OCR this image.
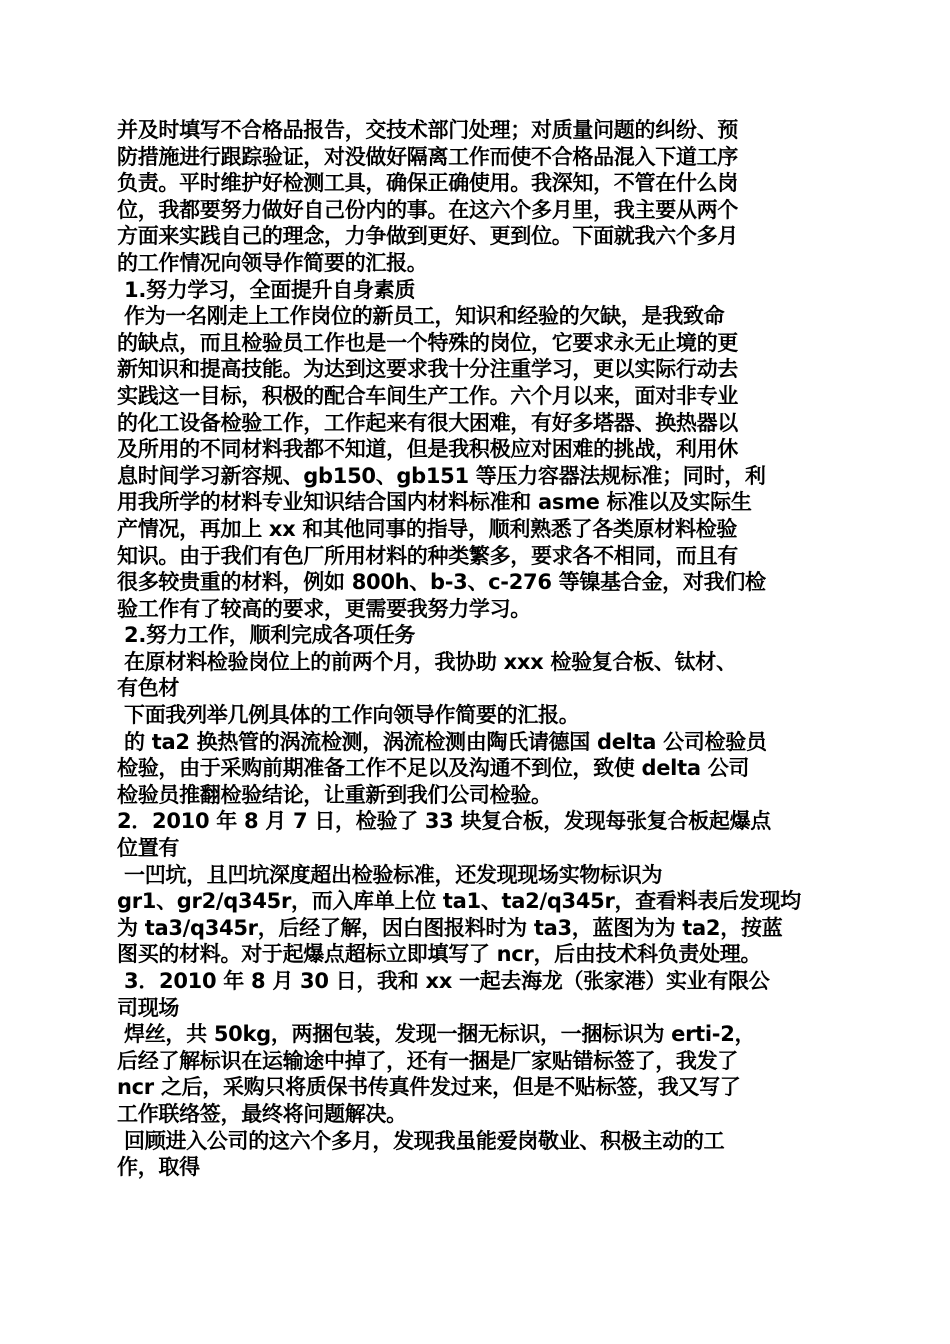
并及时填写不合格品报告，交技术部门处理；对质量问题的纠纷、预
防措施进行跟踪验证，对没做好隔离工作而使不合格品混入下道工序
负责。平时维护好检测工具，确保正确使用。我深知，不管在什么岗
位，我都要努力做好自己份内的事。在这六个多月里，我主要从两个
方面来实践自己的理念，力争做到更好、更到位。下面就我六个多月
的工作情况向领导作简要的汇报。
1.努力学习，全面提升自身素质
作为一名刚走上工作岗位的新员工，知识和经验的欠缺，是我致命
的缺点，而且检验员工作也是一个特殊的岗位，它要求永无止境的更
新知识和提高技能。为达到这要求我十分注重学习，更以实际行动去
实践这一目标，积极的配合车间生产工作。六个月以来，面对非专业
的化工设备检验工作，工作起来有很大困难，有好多塔器、换热器以
及所用的不同材料我都不知道，但是我积极应对困难的挑战，利用休
息时间学习新容规、gb150、gb151 等压力容器法规标准；同时，利
用我所学的材料专业知识结合国内材料标准和 asme 标准以及实际生
产情况，再加上 xx 和其他同事的指导，顺利熟悉了各类原材料检验
知识。由于我们有色厂所用材料的种类繁多，要求各不相同，而且有
很多较贵重的材料，例如 800h、b-3、c-276 等镍基合金，对我们检
验工作有了较高的要求，更需要我努力学习。
2.努力工作，顺利完成各项任务
在原材料检验岗位上的前两个月，我协助 xxx 检验复合板、钛材、
有色材
下面我列举几例具体的工作向领导作简要的汇报。
的 ta2 换热管的涡流检测，涡流检测由陶氏请德国 delta 公司检验员
检验，由于采购前期准备工作不足以及沟通不到位，致使 delta 公司
检验员推翻检验结论，让重新到我们公司检验。
2．2010 年 8 月 7 日，检验了 33 块复合板，发现每张复合板起爆点
位置有
一凹坑，且凹坑深度超出检验标准，还发现现场实物标识为
gr1、gr2/q345r，而入库单上位 ta1、ta2/q345r，查看料表后发现均
为 ta3/q345r，后经了解，因白图报料时为 ta3，蓝图为为 ta2，按蓝
图买的材料。对于起爆点超标立即填写了 ncr，后由技术科负责处理。
3．2010 年 8 月 30 日，我和 xx 一起去海龙（张家港）实业有限公
司现场
焊丝，共 50kg，两捆包装，发现一捆无标识，一捆标识为 erti-2，
后经了解标识在运输途中掉了，还有一捆是厂家贴错标签了，我发了
ncr 之后，采购只将质保书传真件发过来，但是不贴标签，我又写了
工作联络签，最终将问题解决。
回顾进入公司的这六个多月，发现我虽能爱岗敬业、积极主动的工
作，取得
